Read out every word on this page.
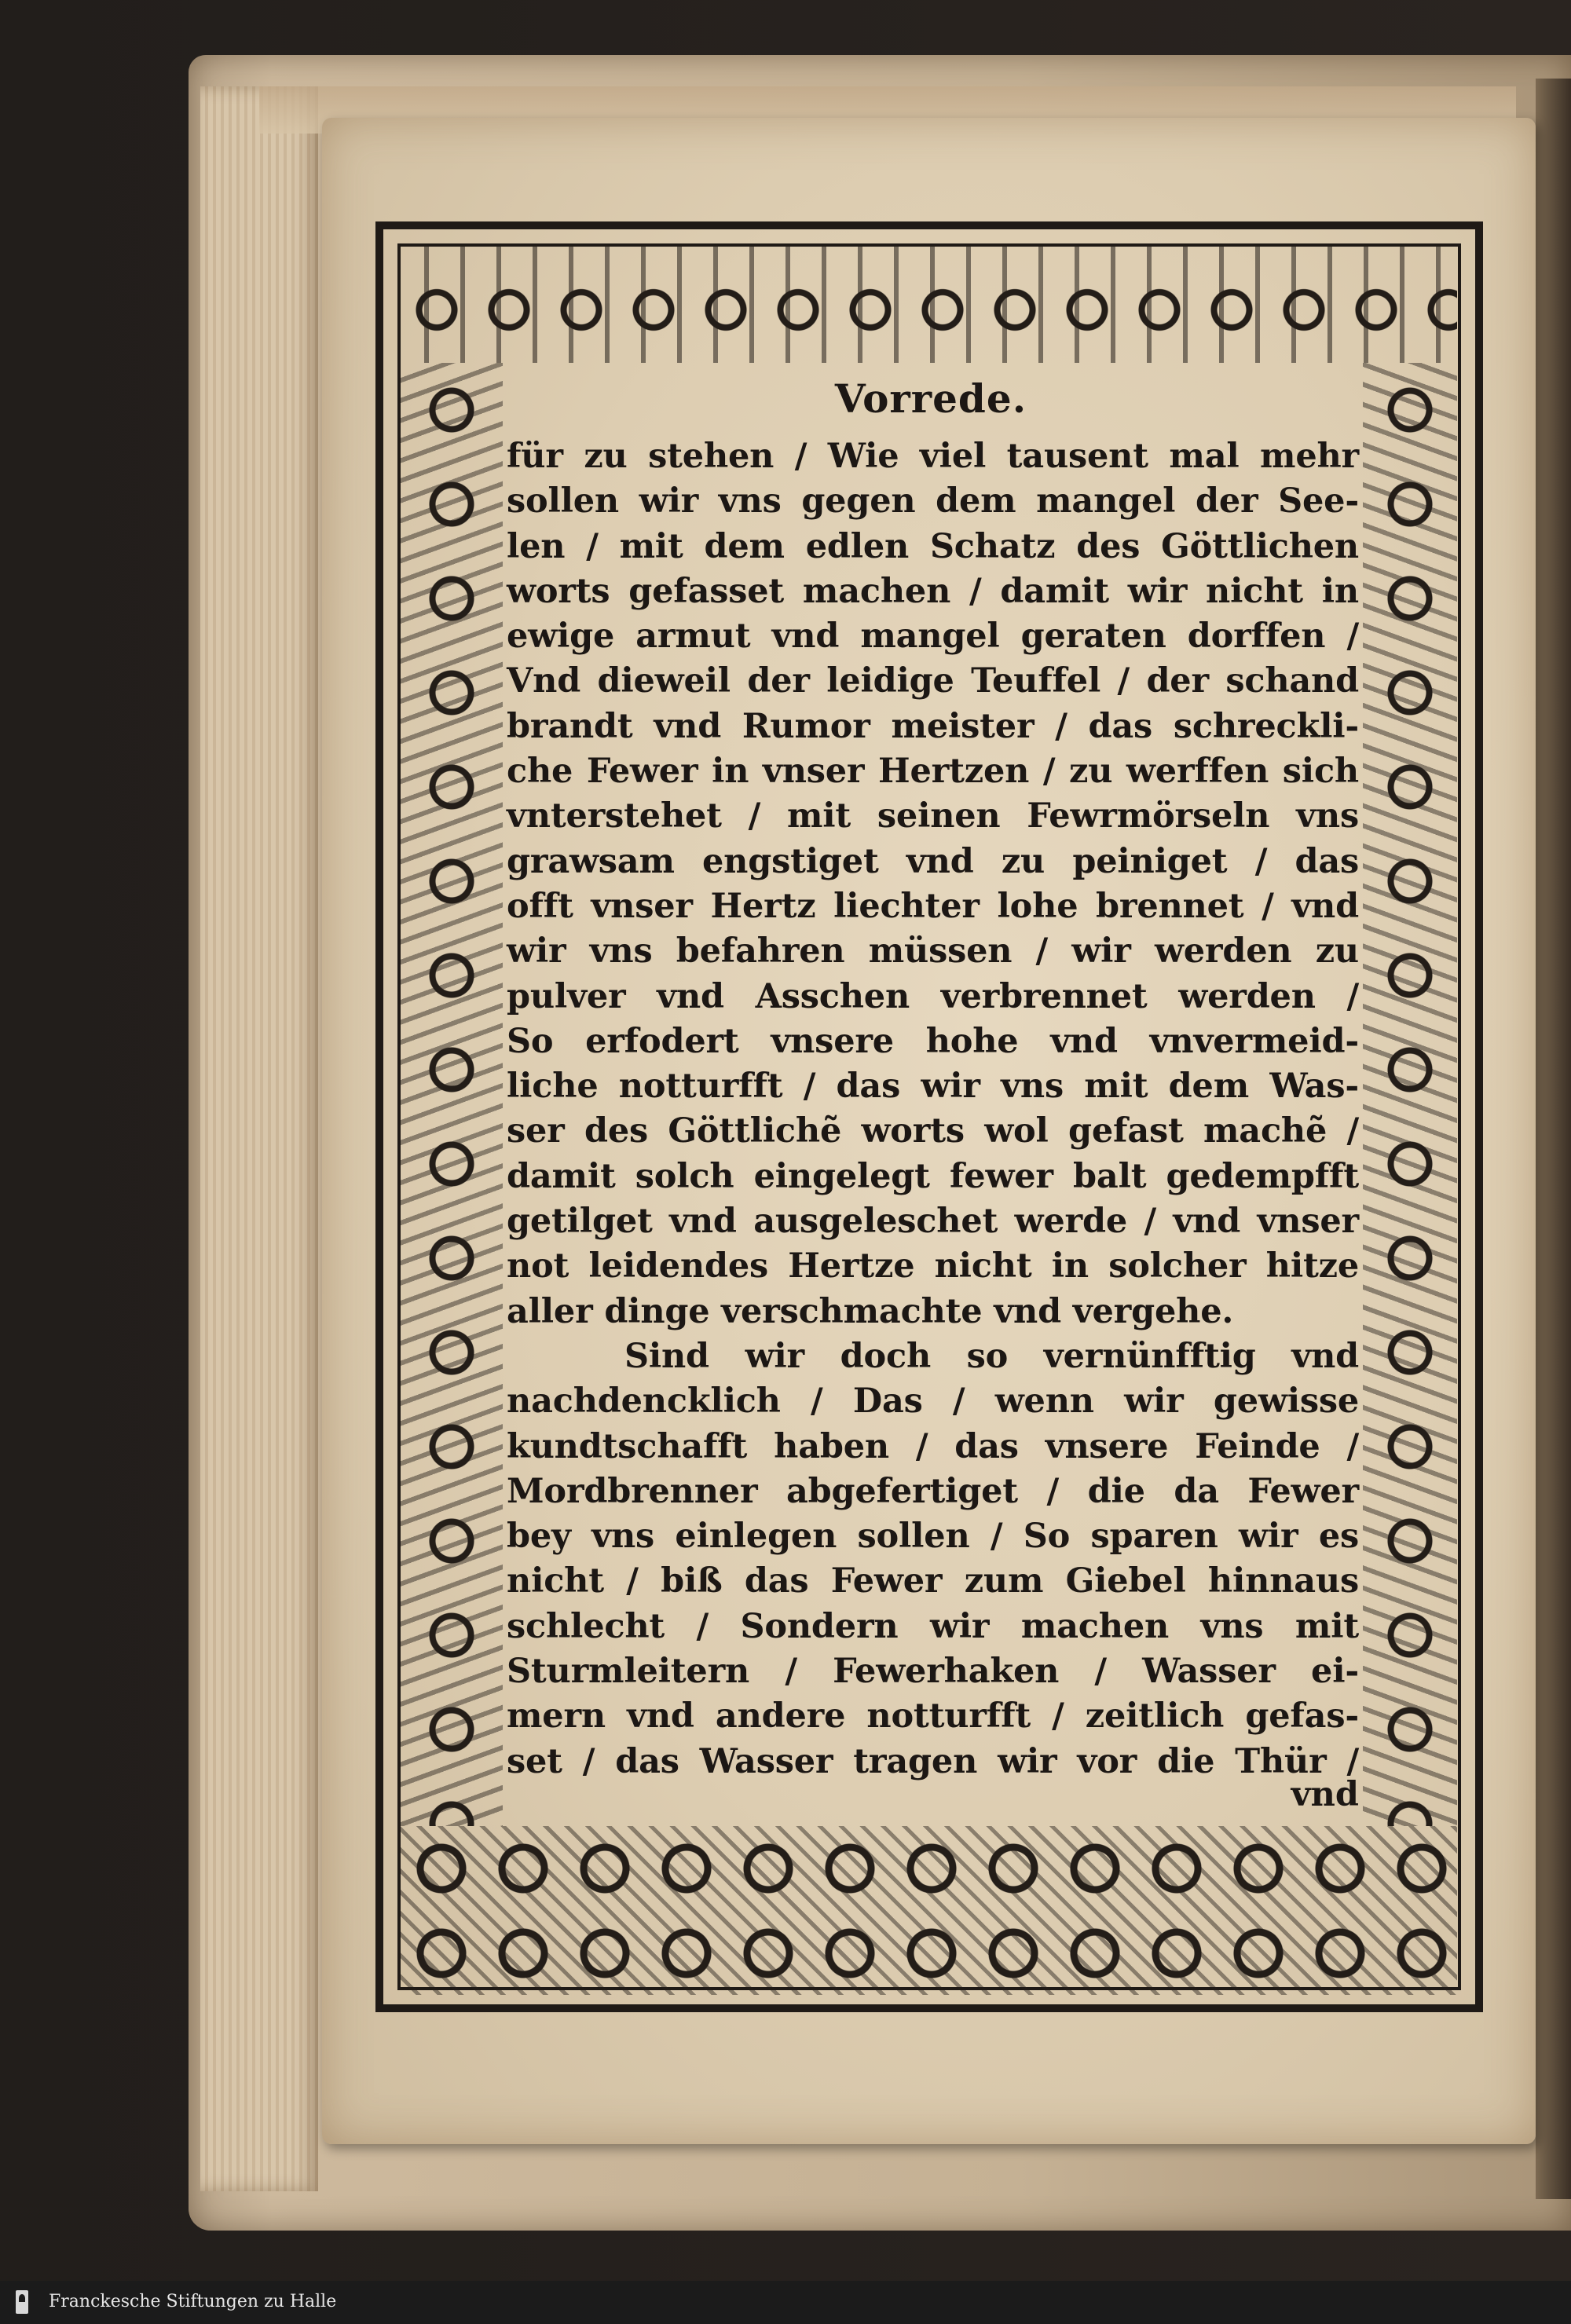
Vorrede.
für zu stehen / Wie viel tausent mal mehr
sollen wir vns gegen dem mangel der See-
len / mit dem edlen Schatz des Göttlichen
worts gefasset machen / damit wir nicht in
ewige armut vnd mangel geraten dorffen /
Vnd dieweil der leidige Teuffel / der schand
brandt vnd Rumor meister / das schreckli-
che Fewer in vnser Hertzen / zu werffen sich
vnterstehet / mit seinen Fewrmörseln vns
grawsam engstiget vnd zu peiniget / das
offt vnser Hertz liechter lohe brennet / vnd
wir vns befahren müssen / wir werden zu
pulver vnd Asschen verbrennet werden /
So erfodert vnsere hohe vnd vnvermeid-
liche notturfft / das wir vns mit dem Was-
ser des Göttlichẽ worts wol gefast machẽ /
damit solch eingelegt fewer balt gedempfft
getilget vnd ausgeleschet werde / vnd vnser
not leidendes Hertze nicht in solcher hitze
aller dinge verschmachte vnd vergehe.
Sind wir doch so vernünfftig vnd
nachdencklich / Das / wenn wir gewisse
kundtschafft haben / das vnsere Feinde /
Mordbrenner abgefertiget / die da Fewer
bey vns einlegen sollen / So sparen wir es
nicht / biß das Fewer zum Giebel hinnaus
schlecht / Sondern wir machen vns mit
Sturmleitern / Fewerhaken / Wasser ei-
mern vnd andere notturfft / zeitlich gefas-
set / das Wasser tragen wir vor die Thür /
vnd
Franckesche Stiftungen zu Halle
